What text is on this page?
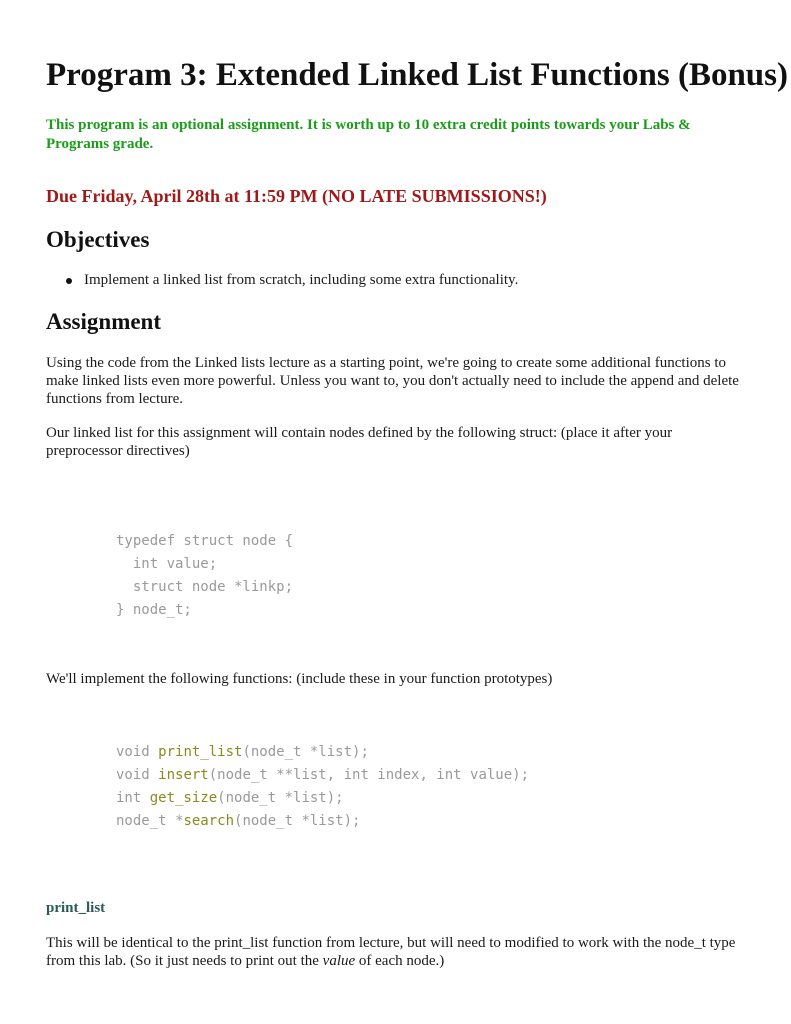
Program 3: Extended Linked List Functions (Bonus)

This program is an optional assignment. It is worth up to 10 extra credit points towards your Labs & Programs grade.

Due Friday, April 28th at 11:59 PM (NO LATE SUBMISSIONS!)

Objectives
Implement a linked list from scratch, including some extra functionality.
Assignment

Using the code from the Linked lists lecture as a starting point, we're going to create some additional functions to make linked lists even more powerful. Unless you want to, you don't actually need to include the append and delete functions from lecture.

Our linked list for this assignment will contain nodes defined by the following struct: (place it after your preprocessor directives)

typedef struct node {
int value;
struct node *linkp;
} node_t;

We'll implement the following functions: (include these in your function prototypes)

void print_list(node_t *list);
void insert(node_t **list, int index, int value);
int get_size(node_t *list);
node_t *search(node_t *list);

print_list

This will be identical to the print_list function from lecture, but will need to modified to work with the node_t type from this lab. (So it just needs to print out the value of each node.)
